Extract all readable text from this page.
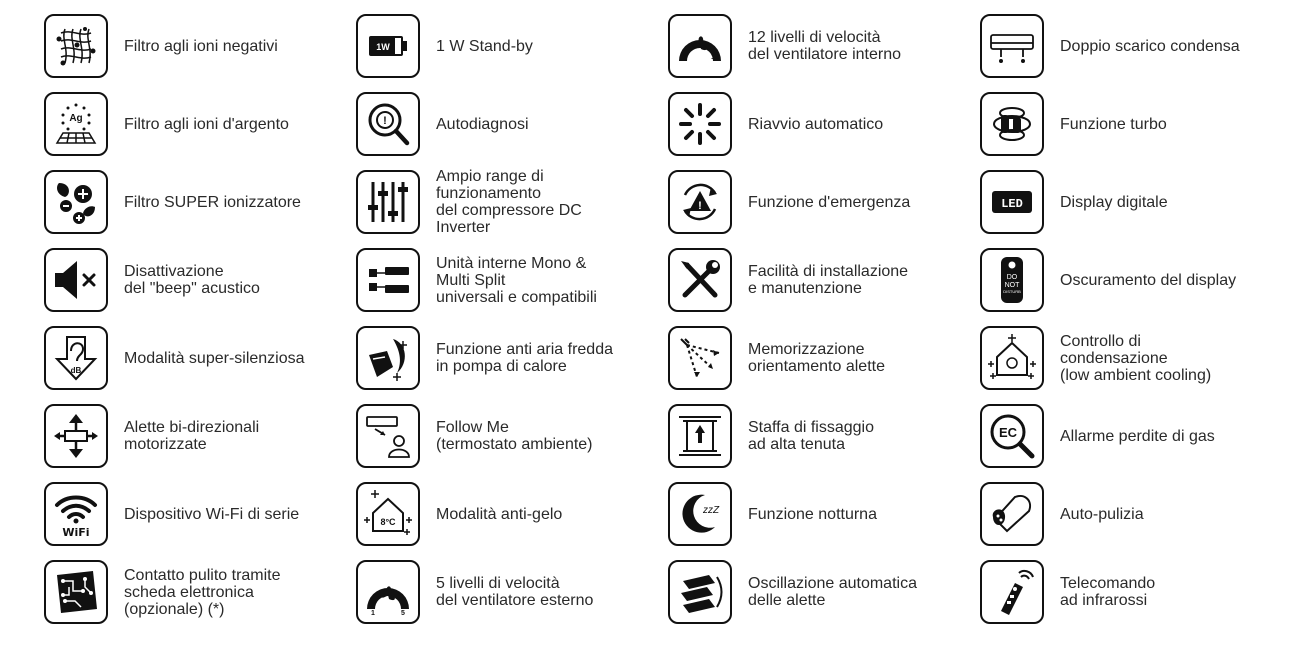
Filtro agli ioni negativi	1W	1 W Stand-by
1	12
12 livelli di velocità
del ventilatore interno	Doppio scarico condensa
Ag	Filtro agli ioni d'argento	!	Autodiagnosi	Riavvio automatico	Funzione turbo
Filtro SUPER ionizzatore
Ampio range di
funzionamento
del compressore DC
Inverter
!	Funzione d'emergenza	LED Display digitale
Disattivazione
del "beep" acustico
Unità interne Mono &
Multi Split
universali e compatibili
Facilità di installazione
e manutenzione
DO
NOT
DISTURB
Oscuramento del display
dB
Modalità super-silenziosa	Funzione anti aria fredda
in pompa di calore
Memorizzazione
orientamento alette
Controllo di
condensazione
(low ambient cooling)
Alette bi-direzionali
motorizzate
Follow Me
(termostato ambiente)
Staffa di fissaggio
ad alta tenuta
EC	Allarme perdite di gas
WiFi
Dispositivo Wi-Fi di serie	8°C	Modalità anti-gelo	zzZ Funzione notturna	Auto-pulizia
Contatto pulito tramite
scheda elettronica
(opzionale) (*)	1	5
5 livelli di velocità
del ventilatore esterno
Oscillazione automatica
delle alette
Telecomando
ad infrarossi
